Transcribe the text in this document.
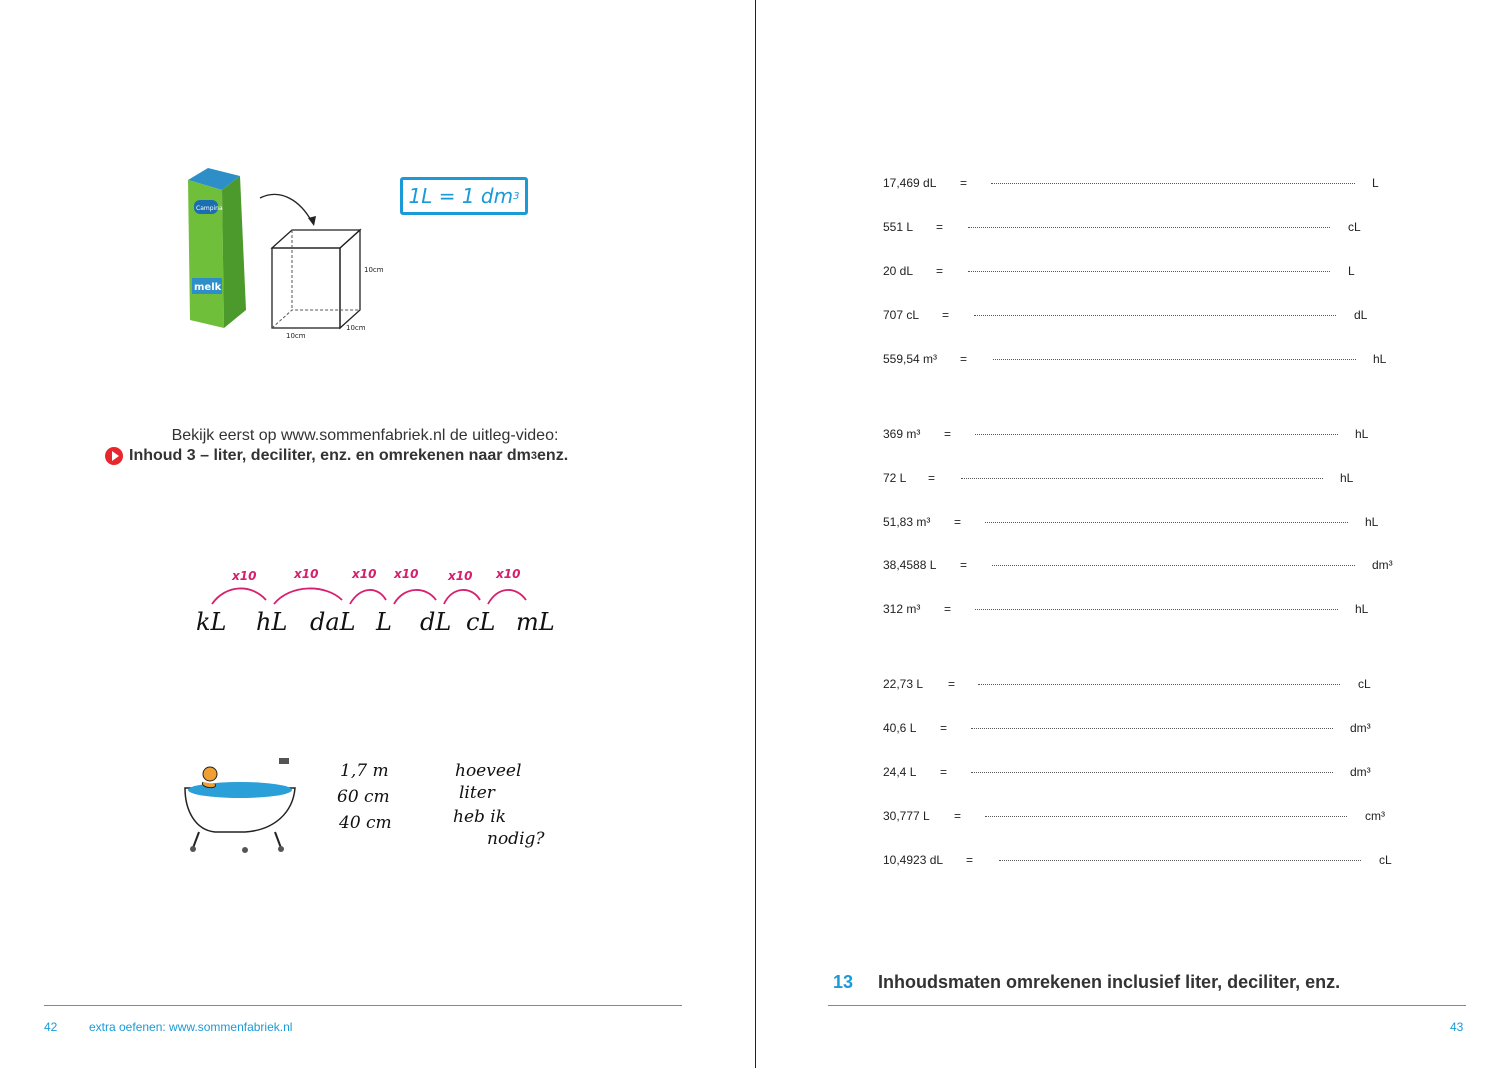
Campina
melk
10cm
10cm
10cm
1L = 1 dm 3
Bekijk eerst op www.sommenfabriek.nl de uitleg-video:
Inhoud 3 – liter, deciliter, enz. en omrekenen naar dm 3 enz.
x10	x10	x10 x10 x10 x10
kL hL daL L dL cL mL
1,7 m
60 cm
40 cm
hoeveel
liter
heb ik
nodig?
42	extra oefenen: www.sommenfabriek.nl
17,469 dL =	L
551 L =	cL
20 dL =	L
707 cL =	dL
559,54 m³ =	hL
369 m³ =	hL
72 L =	hL
51,83 m³ =	hL
38,4588 L =	dm³
312 m³ =	hL
22,73 L =	cL
40,6 L =	dm³
24,4 L =	dm³
30,777 L =	cm³
10,4923 dL =	cL
13 Inhoudsmaten omrekenen inclusief liter, deciliter, enz.
43
